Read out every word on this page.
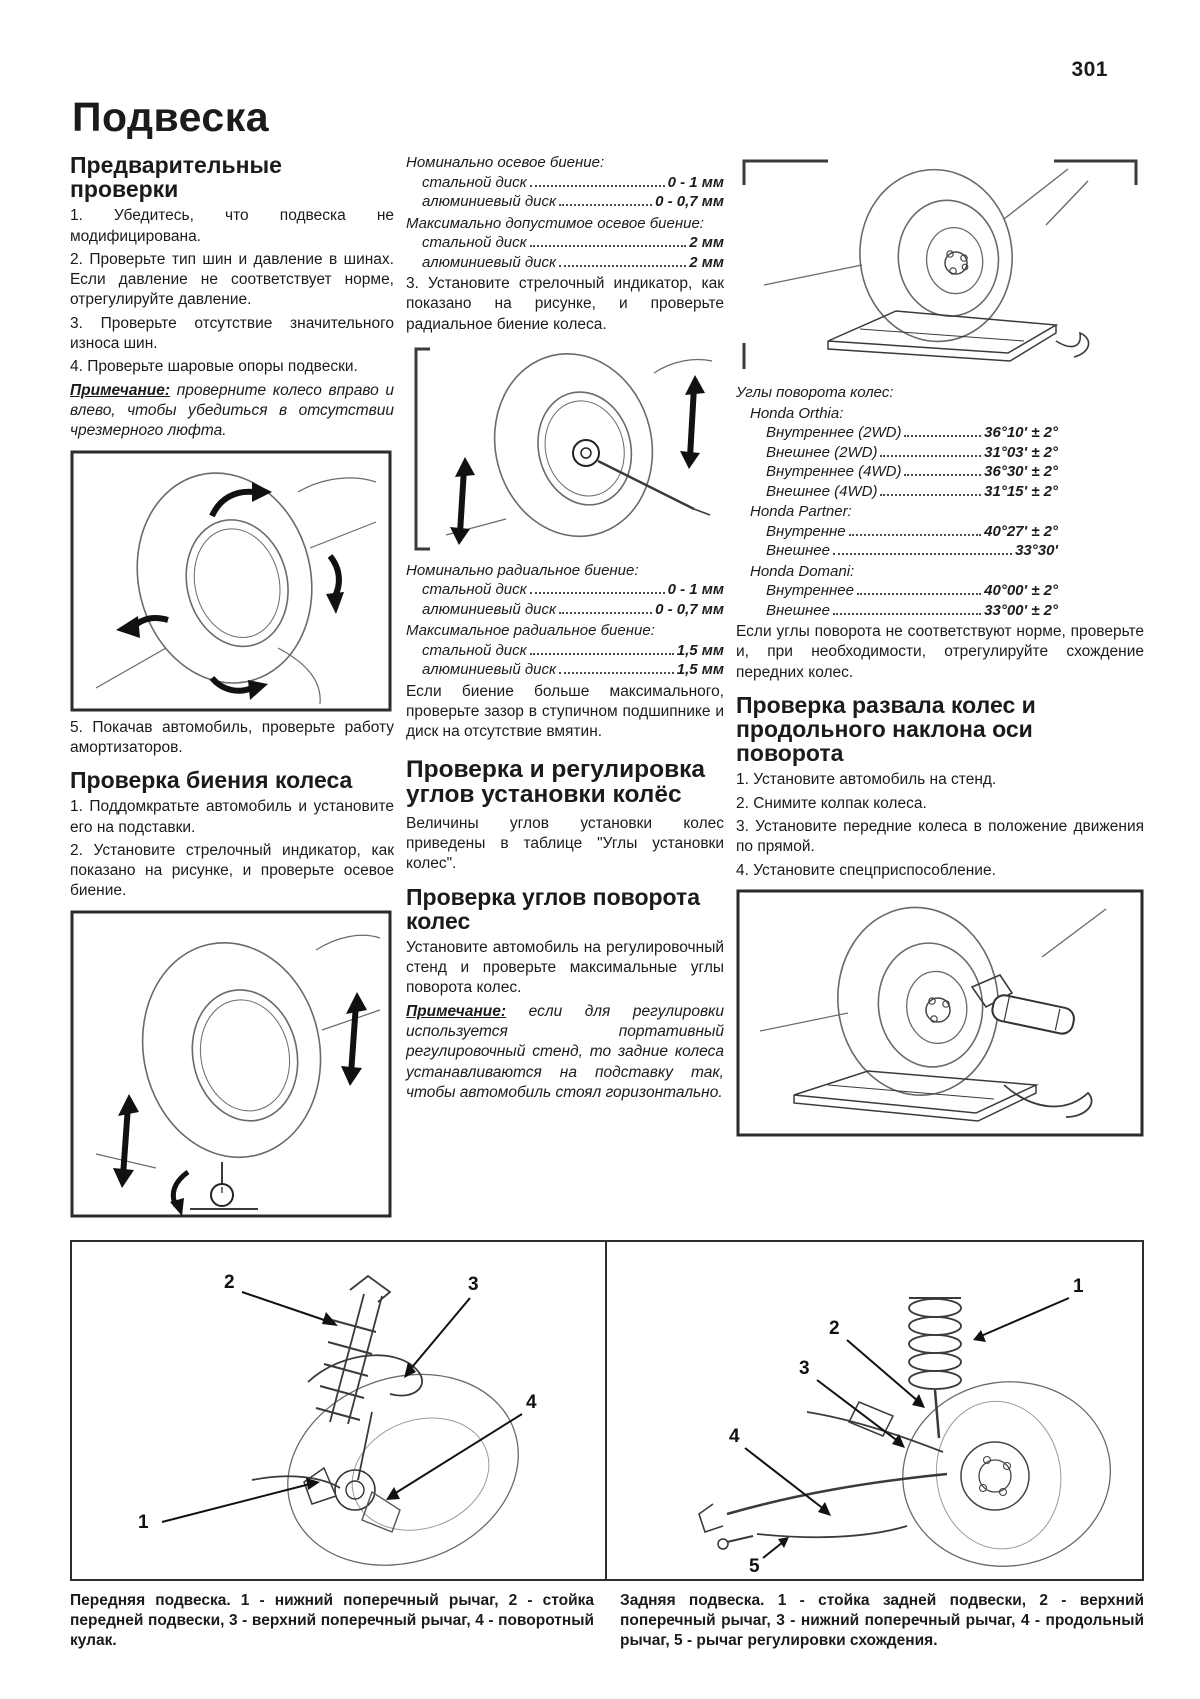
301
Подвеска
Предварительные проверки

1. Убедитесь, что подвеска не модифицирована.

2. Проверьте тип шин и давление в шинах. Если давление не соответствует норме, отрегулируйте давление.

3. Проверьте отсутствие значительного износа шин.

4. Проверьте шаровые опоры подвески.

Примечание: проверните колесо вправо и влево, чтобы убедиться в отсутствии чрезмерного люфта.

5. Покачав автомобиль, проверьте работу амортизаторов.

Проверка биения колеса

1. Поддомкратьте автомобиль и установите его на подставки.

2. Установите стрелочный индикатор, как показано на рисунке, и проверьте осевое биение.

Номинально осевое биение:
стальной диск	0 - 1 мм
алюминиевый диск	0 - 0,7 мм
Максимально допустимое осевое биение:
стальной диск	2 мм
алюминиевый диск	2 мм

3. Установите стрелочный индикатор, как показано на рисунке, и проверьте радиальное биение колеса.

Номинально радиальное биение:
стальной диск	0 - 1 мм
алюминиевый диск	0 - 0,7 мм
Максимальное радиальное биение:
стальной диск	1,5 мм
алюминиевый диск	1,5 мм

Если биение больше максимального, проверьте зазор в ступичном подшипнике и диск на отсутствие вмятин.

Проверка и регулировка углов установки колёс

Величины углов установки колес приведены в таблице "Углы установки колес".

Проверка углов поворота колес

Установите автомобиль на регулировочный стенд и проверьте максимальные углы поворота колес.

Примечание: если для регулировки используется портативный регулировочный стенд, то задние колеса устанавливаются на подставку так, чтобы автомобиль стоял горизонтально.

Углы поворота колес:
Honda Orthia:
Внутреннее (2WD)	36°10' ± 2°
Внешнее (2WD)	31°03' ± 2°
Внутреннее (4WD)	36°30' ± 2°
Внешнее (4WD)	31°15' ± 2°
Honda Partner:
Внутренне	40°27' ± 2°
Внешнее	33°30'
Honda Domani:
Внутреннее	40°00' ± 2°
Внешнее	33°00' ± 2°

Если углы поворота не соответствуют норме, проверьте и, при необходимости, отрегулируйте схождение передних колес.

Проверка развала колес и продольного наклона оси поворота

1. Установите автомобиль на стенд.

2. Снимите колпак колеса.

3. Установите передние колеса в положение движения по прямой.

4. Установите спецприспособление.

2	3
4
1
1
2
3
4
5
Передняя подвеска. 1 - нижний поперечный рычаг, 2 - стойка передней подвески, 3 - верхний поперечный рычаг, 4 - поворотный кулак.
Задняя подвеска. 1 - стойка задней подвески, 2 - верхний поперечный рычаг, 3 - нижний поперечный рычаг, 4 - продольный рычаг, 5 - рычаг регулировки схождения.
